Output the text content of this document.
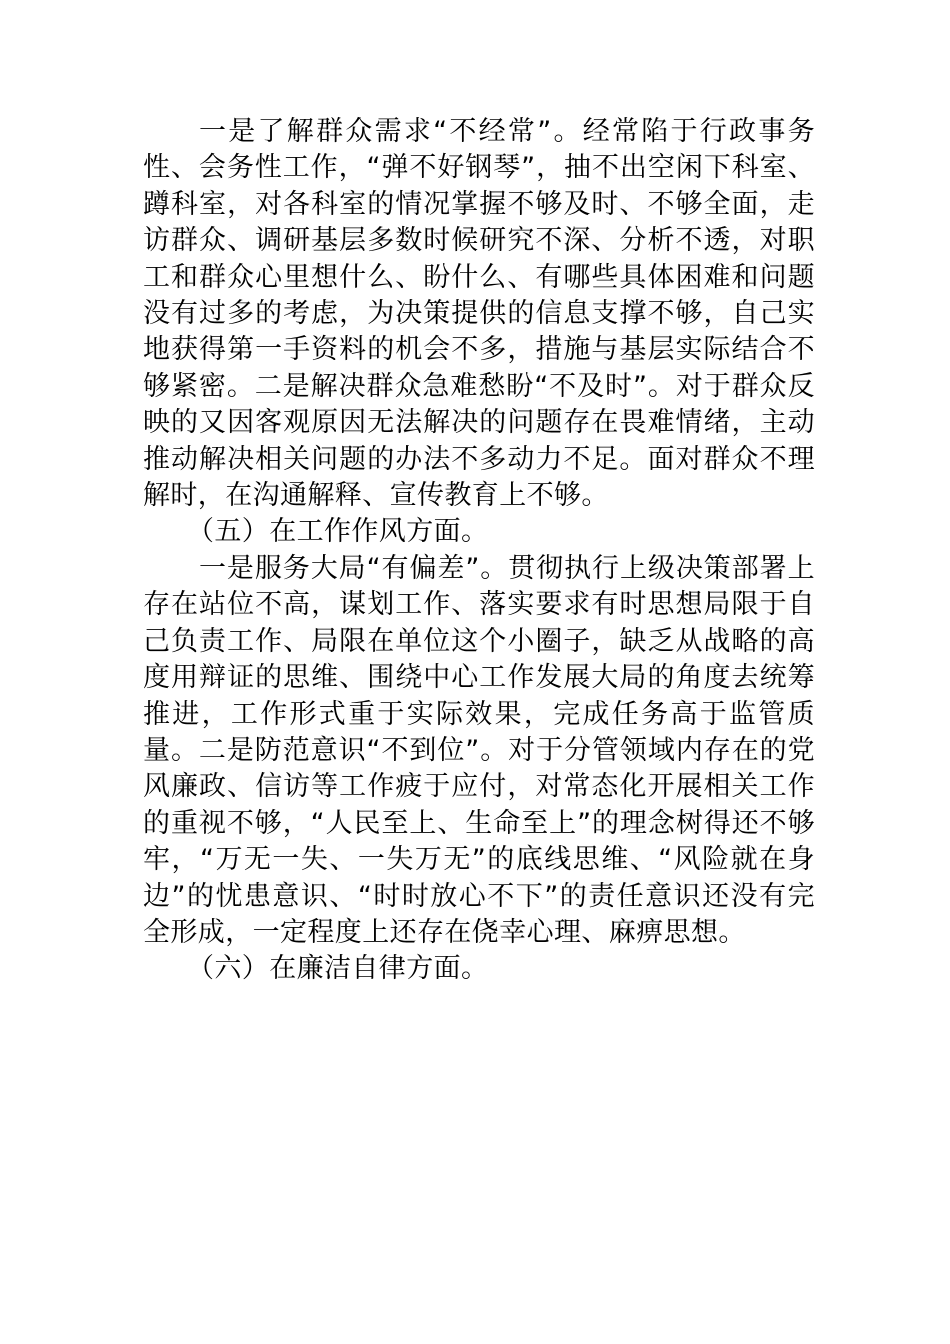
一是了解群众需求“不经常”。经常陷于行政事务性、会务性工作，“弹不好钢琴”，抽不出空闲下科室、蹲科室，对各科室的情况掌握不够及时、不够全面，走访群众、调研基层多数时候研究不深、分析不透，对职工和群众心里想什么、盼什么、有哪些具体困难和问题没有过多的考虑，为决策提供的信息支撑不够，自己实地获得第一手资料的机会不多，措施与基层实际结合不够紧密。二是解决群众急难愁盼“不及时”。对于群众反映的又因客观原因无法解决的问题存在畏难情绪，主动推动解决相关问题的办法不多动力不足。面对群众不理解时，在沟通解释、宣传教育上不够。

（五）在工作作风方面。

一是服务大局“有偏差”。贯彻执行上级决策部署上存在站位不高，谋划工作、落实要求有时思想局限于自己负责工作、局限在单位这个小圈子，缺乏从战略的高度用辩证的思维、围绕中心工作发展大局的角度去统筹推进，工作形式重于实际效果，完成任务高于监管质量。二是防范意识“不到位”。对于分管领域内存在的党风廉政、信访等工作疲于应付，对常态化开展相关工作的重视不够，“人民至上、生命至上”的理念树得还不够牢，“万无一失、一失万无”的底线思维、“风险就在身边”的忧患意识、“时时放心不下”的责任意识还没有完全形成，一定程度上还存在侥幸心理、麻痹思想。

（六）在廉洁自律方面。
